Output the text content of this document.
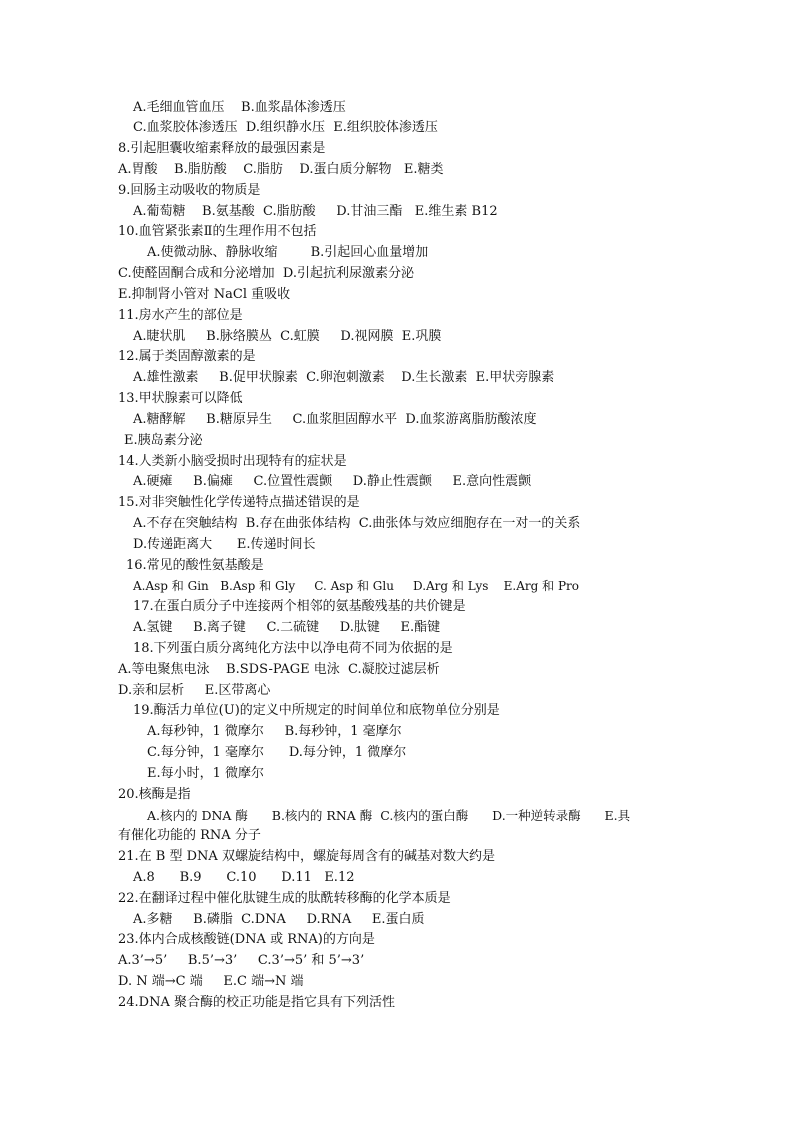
A.毛细血管血压    B.血浆晶体渗透压
C.血浆胶体渗透压  D.组织静水压  E.组织胶体渗透压
8.引起胆囊收缩素释放的最强因素是
A.胃酸    B.脂肪酸    C.脂肪    D.蛋白质分解物   E.糖类
9.回肠主动吸收的物质是
A.葡萄糖    B.氨基酸  C.脂肪酸     D.甘油三酯   E.维生素 B12
10.血管紧张素Ⅱ的生理作用不包括
A.使微动脉、静脉收缩        B.引起回心血量增加
C.使醛固酮合成和分泌增加  D.引起抗利尿激素分泌
E.抑制肾小管对 NaCl 重吸收
11.房水产生的部位是
A.睫状肌     B.脉络膜丛  C.虹膜     D.视网膜  E.巩膜
12.属于类固醇激素的是
A.雄性激素     B.促甲状腺素  C.卵泡刺激素    D.生长激素  E.甲状旁腺素
13.甲状腺素可以降低
A.糖酵解     B.糖原异生     C.血浆胆固醇水平  D.血浆游离脂肪酸浓度
E.胰岛素分泌
14.人类新小脑受损时出现特有的症状是
A.硬瘫     B.偏瘫     C.位置性震颤     D.静止性震颤     E.意向性震颤
15.对非突触性化学传递特点描述错误的是
A.不存在突触结构  B.存在曲张体结构  C.曲张体与效应细胞存在一对一的关系
D.传递距离大      E.传递时间长
16.常见的酸性氨基酸是
A.Asp 和 Gin   B.Asp 和 Gly     C. Asp 和 Glu     D.Arg 和 Lys    E.Arg 和 Pro
17.在蛋白质分子中连接两个相邻的氨基酸残基的共价键是
A.氢键     B.离子键     C.二硫键     D.肽键     E.酯键
18.下列蛋白质分离纯化方法中以净电荷不同为依据的是
A.等电聚焦电泳    B.SDS-PAGE 电泳  C.凝胶过滤层析
D.亲和层析     E.区带离心
19.酶活力单位(U)的定义中所规定的时间单位和底物单位分别是
A.每秒钟，1 微摩尔     B.每秒钟，1 毫摩尔
C.每分钟，1 毫摩尔      D.每分钟，1 微摩尔
E.每小时，1 微摩尔
20.核酶是指
A.核内的 DNA 酶      B.核内的 RNA 酶  C.核内的蛋白酶      D.一种逆转录酶      E.具
有催化功能的 RNA 分子
21.在 B 型 DNA 双螺旋结构中，螺旋每周含有的碱基对数大约是
A.8      B.9      C.10      D.11   E.12
22.在翻译过程中催化肽键生成的肽酰转移酶的化学本质是
A.多糖     B.磷脂  C.DNA     D.RNA     E.蛋白质
23.体内合成核酸链(DNA 或 RNA)的方向是
A.3’→5’     B.5’→3’     C.3’→5’ 和 5’→3’
D. N 端→C 端     E.C 端→N 端
24.DNA 聚合酶的校正功能是指它具有下列活性
